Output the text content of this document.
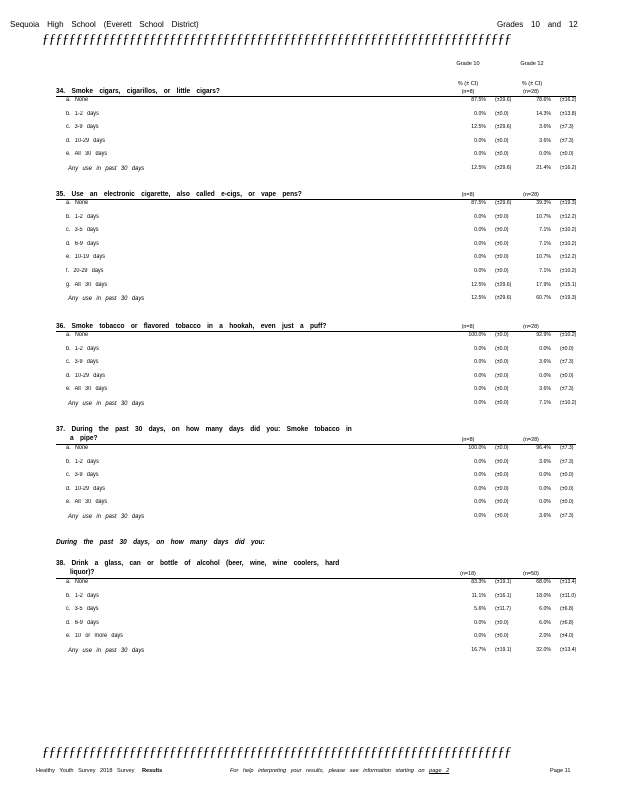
Sequoia High School (Everett School District)	Grades 10 and 12
ƒƒƒƒƒƒƒƒƒƒƒƒƒƒƒƒƒƒƒƒƒƒƒƒƒƒƒƒƒƒƒƒƒƒƒƒƒƒƒƒƒƒƒƒƒƒƒƒƒƒƒƒƒƒƒƒƒƒƒƒƒƒƒƒƒƒƒƒƒƒ
Grade 10	Grade 12
% (± CI)	% (± CI)
34. Smoke cigars, cigarillos, or little cigars?	(n=8)	(n=28)
a. None	87.5% (±29.6)	78.6% (±16.2)
b. 1-2 days	0.0% (±0.0)	14.3% (±13.8)
c. 3-9 days	12.5% (±29.6)	3.6% (±7.3)
d. 10-29 days	0.0% (±0.0)	3.6% (±7.3)
e. All 30 days	0.0% (±0.0)	0.0% (±0.0)
Any use in past 30 days	12.5% (±29.6)	21.4% (±16.2)
35. Use an electronic cigarette, also called e-cigs, or vape pens?	(n=8)	(n=28)
a. None	87.5% (±29.6)	39.3% (±19.3)
b. 1-2 days	0.0% (±0.0)	10.7% (±12.2)
c. 3-5 days	0.0% (±0.0)	7.1% (±10.2)
d. 6-9 days	0.0% (±0.0)	7.1% (±10.2)
e. 10-19 days	0.0% (±0.0)	10.7% (±12.2)
f. 20-29 days	0.0% (±0.0)	7.1% (±10.2)
g. All 30 days	12.5% (±29.6)	17.9% (±15.1)
Any use in past 30 days	12.5% (±29.6)	60.7% (±19.3)
36. Smoke tobacco or flavored tobacco in a hookah, even just a puff?	(n=8)	(n=28)
a. None	100.0% (±0.0)	92.9% (±10.2)
b. 1-2 days	0.0% (±0.0)	0.0% (±0.0)
c. 3-9 days	0.0% (±0.0)	3.6% (±7.3)
d. 10-29 days	0.0% (±0.0)	0.0% (±0.0)
e. All 30 days	0.0% (±0.0)	3.6% (±7.3)
Any use in past 30 days	0.0% (±0.0)	7.1% (±10.2)
37. During the past 30 days, on how many days did you: Smoke tobacco in
a pipe?	(n=8)	(n=28)
a. None	100.0% (±0.0)	96.4% (±7.3)
b. 1-2 days	0.0% (±0.0)	3.6% (±7.3)
c. 3-9 days	0.0% (±0.0)	0.0% (±0.0)
d. 10-29 days	0.0% (±0.0)	0.0% (±0.0)
e. All 30 days	0.0% (±0.0)	0.0% (±0.0)
Any use in past 30 days	0.0% (±0.0)	3.6% (±7.3)
38. Drink a glass, can or bottle of alcohol (beer, wine, wine coolers, hard
liquor)?	(n=18)	(n=50)
a. None	83.3% (±19.1)	68.0% (±13.4)
b. 1-2 days	11.1% (±16.1)	18.0% (±11.0)
c. 3-5 days	5.6% (±11.7)	6.0% (±6.8)
d. 6-9 days	0.0% (±0.0)	6.0% (±6.8)
e. 10 or more days	0.0% (±0.0)	2.0% (±4.0)
Any use in past 30 days	16.7% (±19.1)	32.0% (±13.4)
During the past 30 days, on how many days did you:
ƒƒƒƒƒƒƒƒƒƒƒƒƒƒƒƒƒƒƒƒƒƒƒƒƒƒƒƒƒƒƒƒƒƒƒƒƒƒƒƒƒƒƒƒƒƒƒƒƒƒƒƒƒƒƒƒƒƒƒƒƒƒƒƒƒƒƒƒƒƒ
Healthy Youth Survey 2018 Survey Results	For help interpreting your results, please see information starting on page 2	Page 11
